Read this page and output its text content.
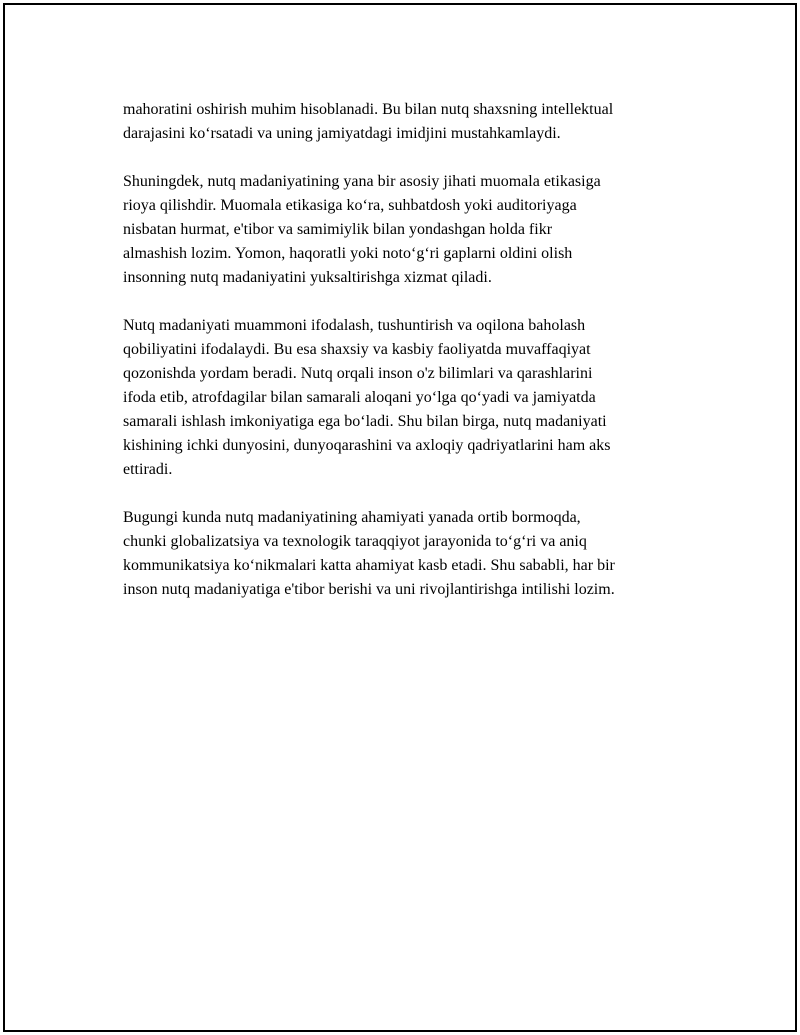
mahoratini oshirish muhim hisoblanadi. Bu bilan nutq shaxsning intellektual
darajasini ko‘rsatadi va uning jamiyatdagi imidjini mustahkamlaydi.

Shuningdek, nutq madaniyatining yana bir asosiy jihati muomala etikasiga
rioya qilishdir. Muomala etikasiga ko‘ra, suhbatdosh yoki auditoriyaga
nisbatan hurmat, e'tibor va samimiylik bilan yondashgan holda fikr
almashish lozim. Yomon, haqoratli yoki noto‘g‘ri gaplarni oldini olish
insonning nutq madaniyatini yuksaltirishga xizmat qiladi.

Nutq madaniyati muammoni ifodalash, tushuntirish va oqilona baholash
qobiliyatini ifodalaydi. Bu esa shaxsiy va kasbiy faoliyatda muvaffaqiyat
qozonishda yordam beradi. Nutq orqali inson o'z bilimlari va qarashlarini
ifoda etib, atrofdagilar bilan samarali aloqani yo‘lga qo‘yadi va jamiyatda
samarali ishlash imkoniyatiga ega bo‘ladi. Shu bilan birga, nutq madaniyati
kishining ichki dunyosini, dunyoqarashini va axloqiy qadriyatlarini ham aks
ettiradi.

Bugungi kunda nutq madaniyatining ahamiyati yanada ortib bormoqda,
chunki globalizatsiya va texnologik taraqqiyot jarayonida to‘g‘ri va aniq
kommunikatsiya ko‘nikmalari katta ahamiyat kasb etadi. Shu sababli, har bir
inson nutq madaniyatiga e'tibor berishi va uni rivojlantirishga intilishi lozim.
